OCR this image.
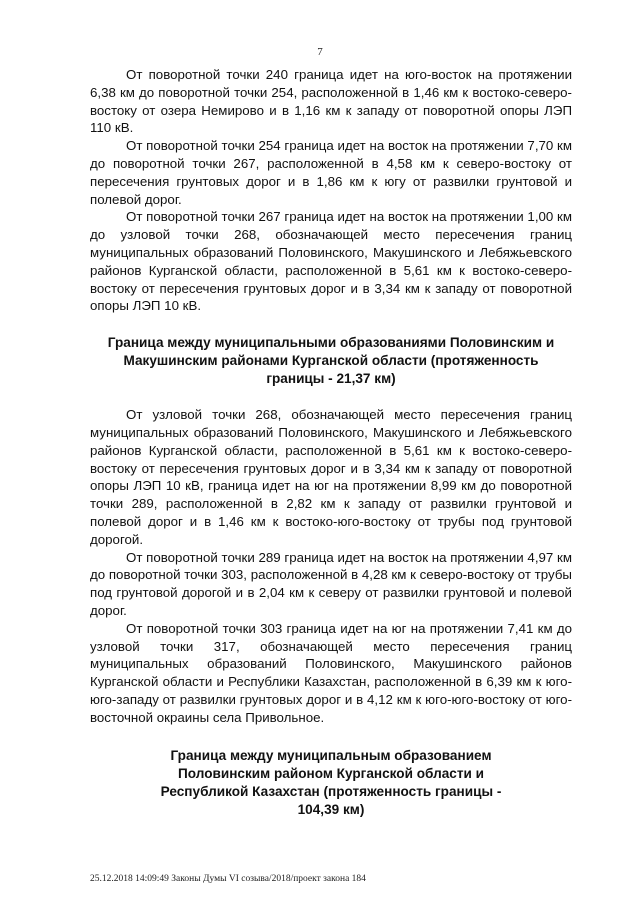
7

От поворотной точки 240 граница идет на юго-восток на протяжении 6,38 км до поворотной точки 254, расположенной в 1,46 км к востоко-северо-востоку от озера Немирово и в 1,16 км к западу от поворотной опоры ЛЭП 110 кВ.

От поворотной точки 254 граница идет на восток на протяжении 7,70 км до поворотной точки 267, расположенной в 4,58 км к северо-востоку от пересечения грунтовых дорог и в 1,86 км к югу от развилки грунтовой и полевой дорог.

От поворотной точки 267 граница идет на восток на протяжении 1,00 км до узловой точки 268, обозначающей место пересечения границ муниципальных образований Половинского, Макушинского и Лебяжьевского районов Курганской области, расположенной в 5,61 км к востоко-северо-востоку от пересечения грунтовых дорог и в 3,34 км к западу от поворотной опоры ЛЭП 10 кВ.

Граница между муниципальными образованиями Половинским и Макушинским районами Курганской области (протяженность границы - 21,37 км)

От узловой точки 268, обозначающей место пересечения границ муниципальных образований Половинского, Макушинского и Лебяжьевского районов Курганской области, расположенной в 5,61 км к востоко-северо-востоку от пересечения грунтовых дорог и в 3,34 км к западу от поворотной опоры ЛЭП 10 кВ, граница идет на юг на протяжении 8,99 км до поворотной точки 289, расположенной в 2,82 км к западу от развилки грунтовой и полевой дорог и в 1,46 км к востоко-юго-востоку от трубы под грунтовой дорогой.

От поворотной точки 289 граница идет на восток на протяжении 4,97 км до поворотной точки 303, расположенной в 4,28 км к северо-востоку от трубы под грунтовой дорогой и в 2,04 км к северу от развилки грунтовой и полевой дорог.

От поворотной точки 303 граница идет на юг на протяжении 7,41 км до узловой точки 317, обозначающей место пересечения границ муниципальных образований Половинского, Макушинского районов Курганской области и Республики Казахстан, расположенной в 6,39 км к юго-юго-западу от развилки грунтовых дорог и в 4,12 км к юго-юго-востоку от юго-восточной окраины села Привольное.

Граница между муниципальным образованием Половинским районом Курганской области и Республикой Казахстан (протяженность границы - 104,39 км)
25.12.2018 14:09:49 Законы Думы VI созыва/2018/проект закона 184
